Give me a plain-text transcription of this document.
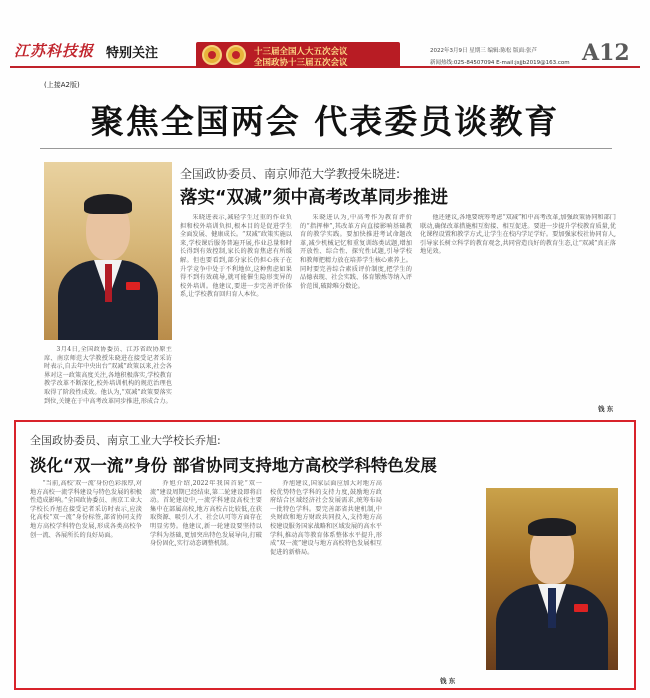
江苏科技报 特别关注	十三届全国人大五次会议
全国政协十三届五次会议
2022年3月9日 星期三 编辑:陈松 版面:张芦
新闻热线:025-84507094 E-mail:jsjjb2019@163.com A12
(上接A2版)
聚焦全国两会 代表委员谈教育
全国政协委员、南京师范大学教授朱晓进:
落实“双减”须中高考改革同步推进

3月4日,全国政协委员、江苏省政协原主席、南京师范大学教授朱晓进在接受记者采访时表示,自去年中央出台“双减”政策以来,社会各界对这一政策高度关注,各地积极落实,学校教育教学改革不断深化,校外培训机构的规范治理也取得了阶段性成效。他认为,“双减”政策要落实到位,关键在于中高考改革同步推进,形成合力。

朱晓进表示,减轻学生过重的作业负担和校外培训负担,根本目的是促进学生全面发展、健康成长。“双减”政策实施以来,学校课后服务普遍开展,作业总量和时长得到有效控制,家长的教育焦虑有所缓解。但也要看到,部分家长仍担心孩子在升学竞争中处于不利地位,这种焦虑如果得不到有效疏导,就可能催生隐形变异的校外培训。他建议,要进一步完善评价体系,让学校教育回归育人本位。

朱晓进认为,中高考作为教育评价的“指挥棒”,其改革方向直接影响基础教育的教学实践。要加快推进考试命题改革,减少机械记忆和重复训练类试题,增加开放性、综合性、探究性试题,引导学校和教师把精力放在培养学生核心素养上。同时要完善综合素质评价制度,把学生的品德表现、社会实践、体育锻炼等纳入评价范围,破除唯分数论。

他还建议,各地要统筹考虑“双减”和中高考改革,加强政策协同和部门联动,确保改革措施相互衔接、相互促进。要进一步提升学校教育质量,优化课程设置和教学方式,让学生在校内学足学好。要加强家校社协同育人,引导家长树立科学的教育观念,共同营造良好的教育生态,让“双减”真正落地见效。

钱 东
全国政协委员、南京工业大学校长乔旭:
淡化“双一流”身份 部省协同支持地方高校学科特色发展

“当前,高校‘双一流’身份色彩浓厚,对地方高校一流学科建设与特色发展的积极性造成影响。”全国政协委员、南京工业大学校长乔旭在接受记者采访时表示,应淡化高校“双一流”身份标签,部省协同支持地方高校学科特色发展,形成各类高校争创一流、各展所长的良好局面。

乔旭介绍,2022年我国首轮“双一流”建设周期已经结束,第二轮建设即将启动。首轮建设中,一流学科建设高校主要集中在部属高校,地方高校占比较低,在获取资源、吸引人才、社会认可等方面存在明显劣势。他建议,新一轮建设要坚持以学科为基础,更加突出特色发展导向,打破身份固化,实行动态调整机制。

乔旭建议,国家层面应加大对地方高校优势特色学科的支持力度,鼓励地方政府结合区域经济社会发展需求,统筹布局一批特色学科。要完善部省共建机制,中央财政和地方财政共同投入,支持地方高校建设服务国家战略和区域发展的高水平学科,推动高等教育体系整体水平提升,形成“双一流”建设与地方高校特色发展相互促进的新格局。

钱 东
